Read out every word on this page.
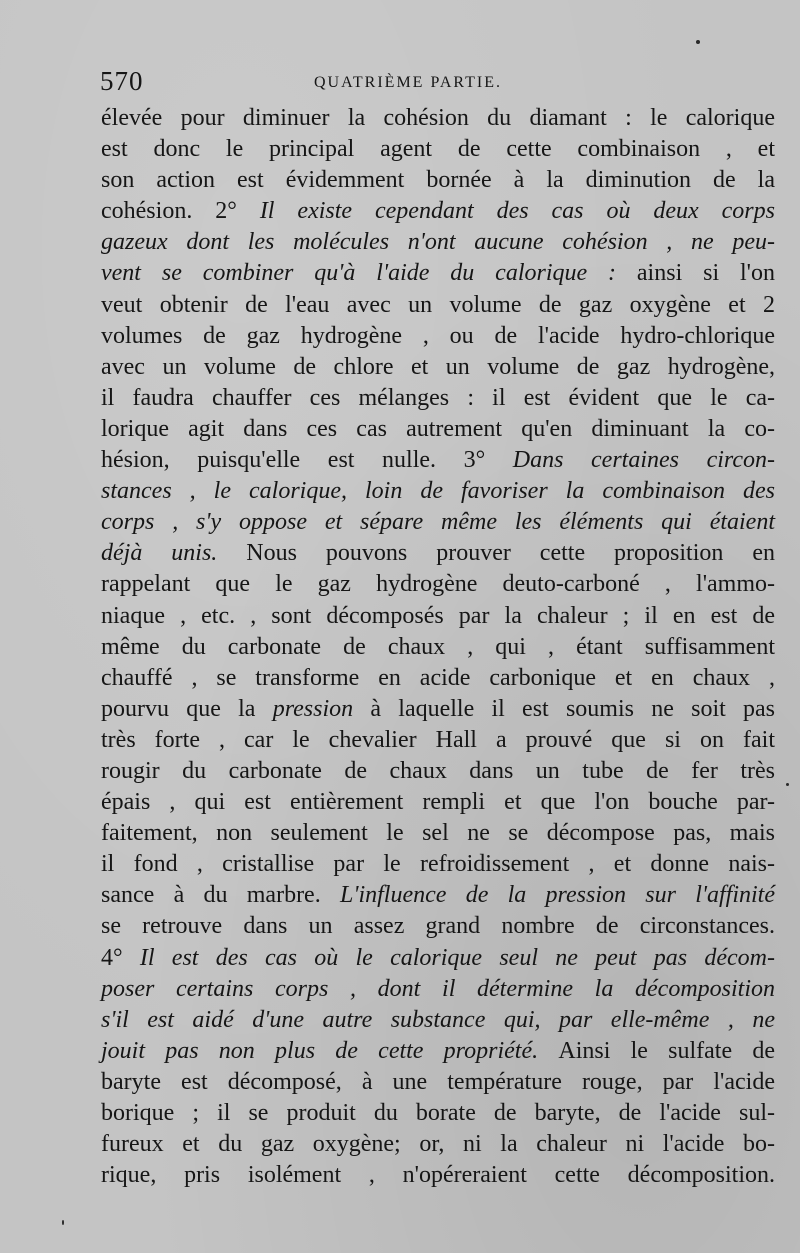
570	QUATRIÈME PARTIE.
élevée pour diminuer la cohésion du diamant : le calorique
est donc le principal agent de cette combinaison , et
son action est évidemment bornée à la diminution de la
cohésion. 2° Il existe cependant des cas où deux corps
gazeux dont les molécules n'ont aucune cohésion , ne peu-
vent se combiner qu'à l'aide du calorique : ainsi si l'on
veut obtenir de l'eau avec un volume de gaz oxygène et 2
volumes de gaz hydrogène , ou de l'acide hydro-chlorique
avec un volume de chlore et un volume de gaz hydrogène,
il faudra chauffer ces mélanges : il est évident que le ca-
lorique agit dans ces cas autrement qu'en diminuant la co-
hésion, puisqu'elle est nulle. 3° Dans certaines circon-
stances , le calorique, loin de favoriser la combinaison des
corps , s'y oppose et sépare même les éléments qui étaient
déjà unis. Nous pouvons prouver cette proposition en
rappelant que le gaz hydrogène deuto-carboné , l'ammo-
niaque , etc. , sont décomposés par la chaleur ; il en est de
même du carbonate de chaux , qui , étant suffisamment
chauffé , se transforme en acide carbonique et en chaux ,
pourvu que la pression à laquelle il est soumis ne soit pas
très forte , car le chevalier Hall a prouvé que si on fait
rougir du carbonate de chaux dans un tube de fer très
épais , qui est entièrement rempli et que l'on bouche par-
faitement, non seulement le sel ne se décompose pas, mais
il fond , cristallise par le refroidissement , et donne nais-
sance à du marbre. L'influence de la pression sur l'affinité
se retrouve dans un assez grand nombre de circonstances.
4° Il est des cas où le calorique seul ne peut pas décom-
poser certains corps , dont il détermine la décomposition
s'il est aidé d'une autre substance qui, par elle-même , ne
jouit pas non plus de cette propriété. Ainsi le sulfate de
baryte est décomposé, à une température rouge, par l'acide
borique ; il se produit du borate de baryte, de l'acide sul-
fureux et du gaz oxygène; or, ni la chaleur ni l'acide bo-
rique, pris isolément , n'opéreraient cette décomposition.
